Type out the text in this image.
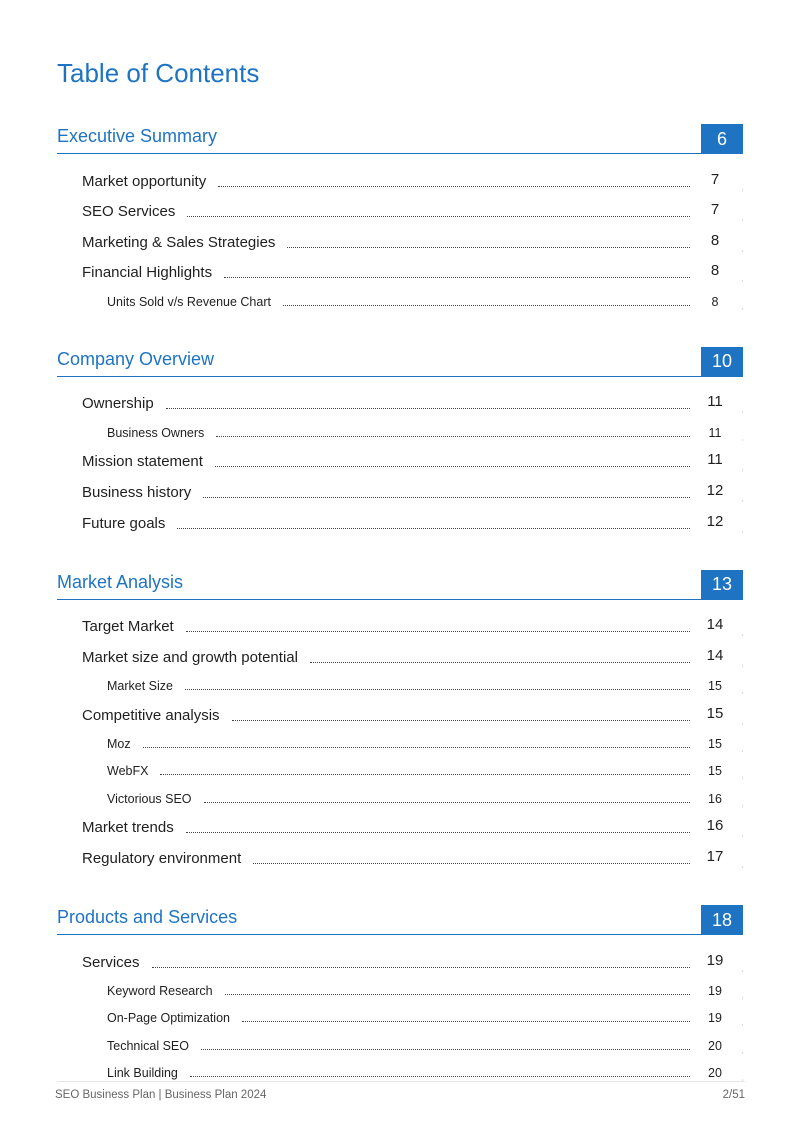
Table of Contents
Executive Summary	6
Market opportunity	7
SEO Services	7
Marketing & Sales Strategies	8
Financial Highlights	8
Units Sold v/s Revenue Chart	8
Company Overview	10
Ownership	11
Business Owners	11
Mission statement	11
Business history	12
Future goals	12
Market Analysis	13
Target Market	14
Market size and growth potential	14
Market Size	15
Competitive analysis	15
Moz	15
WebFX	15
Victorious SEO	16
Market trends	16
Regulatory environment	17
Products and Services	18
Services	19
Keyword Research	19
On-Page Optimization	19
Technical SEO	20
Link Building	20
SEO Business Plan | Business Plan 2024	2/51
